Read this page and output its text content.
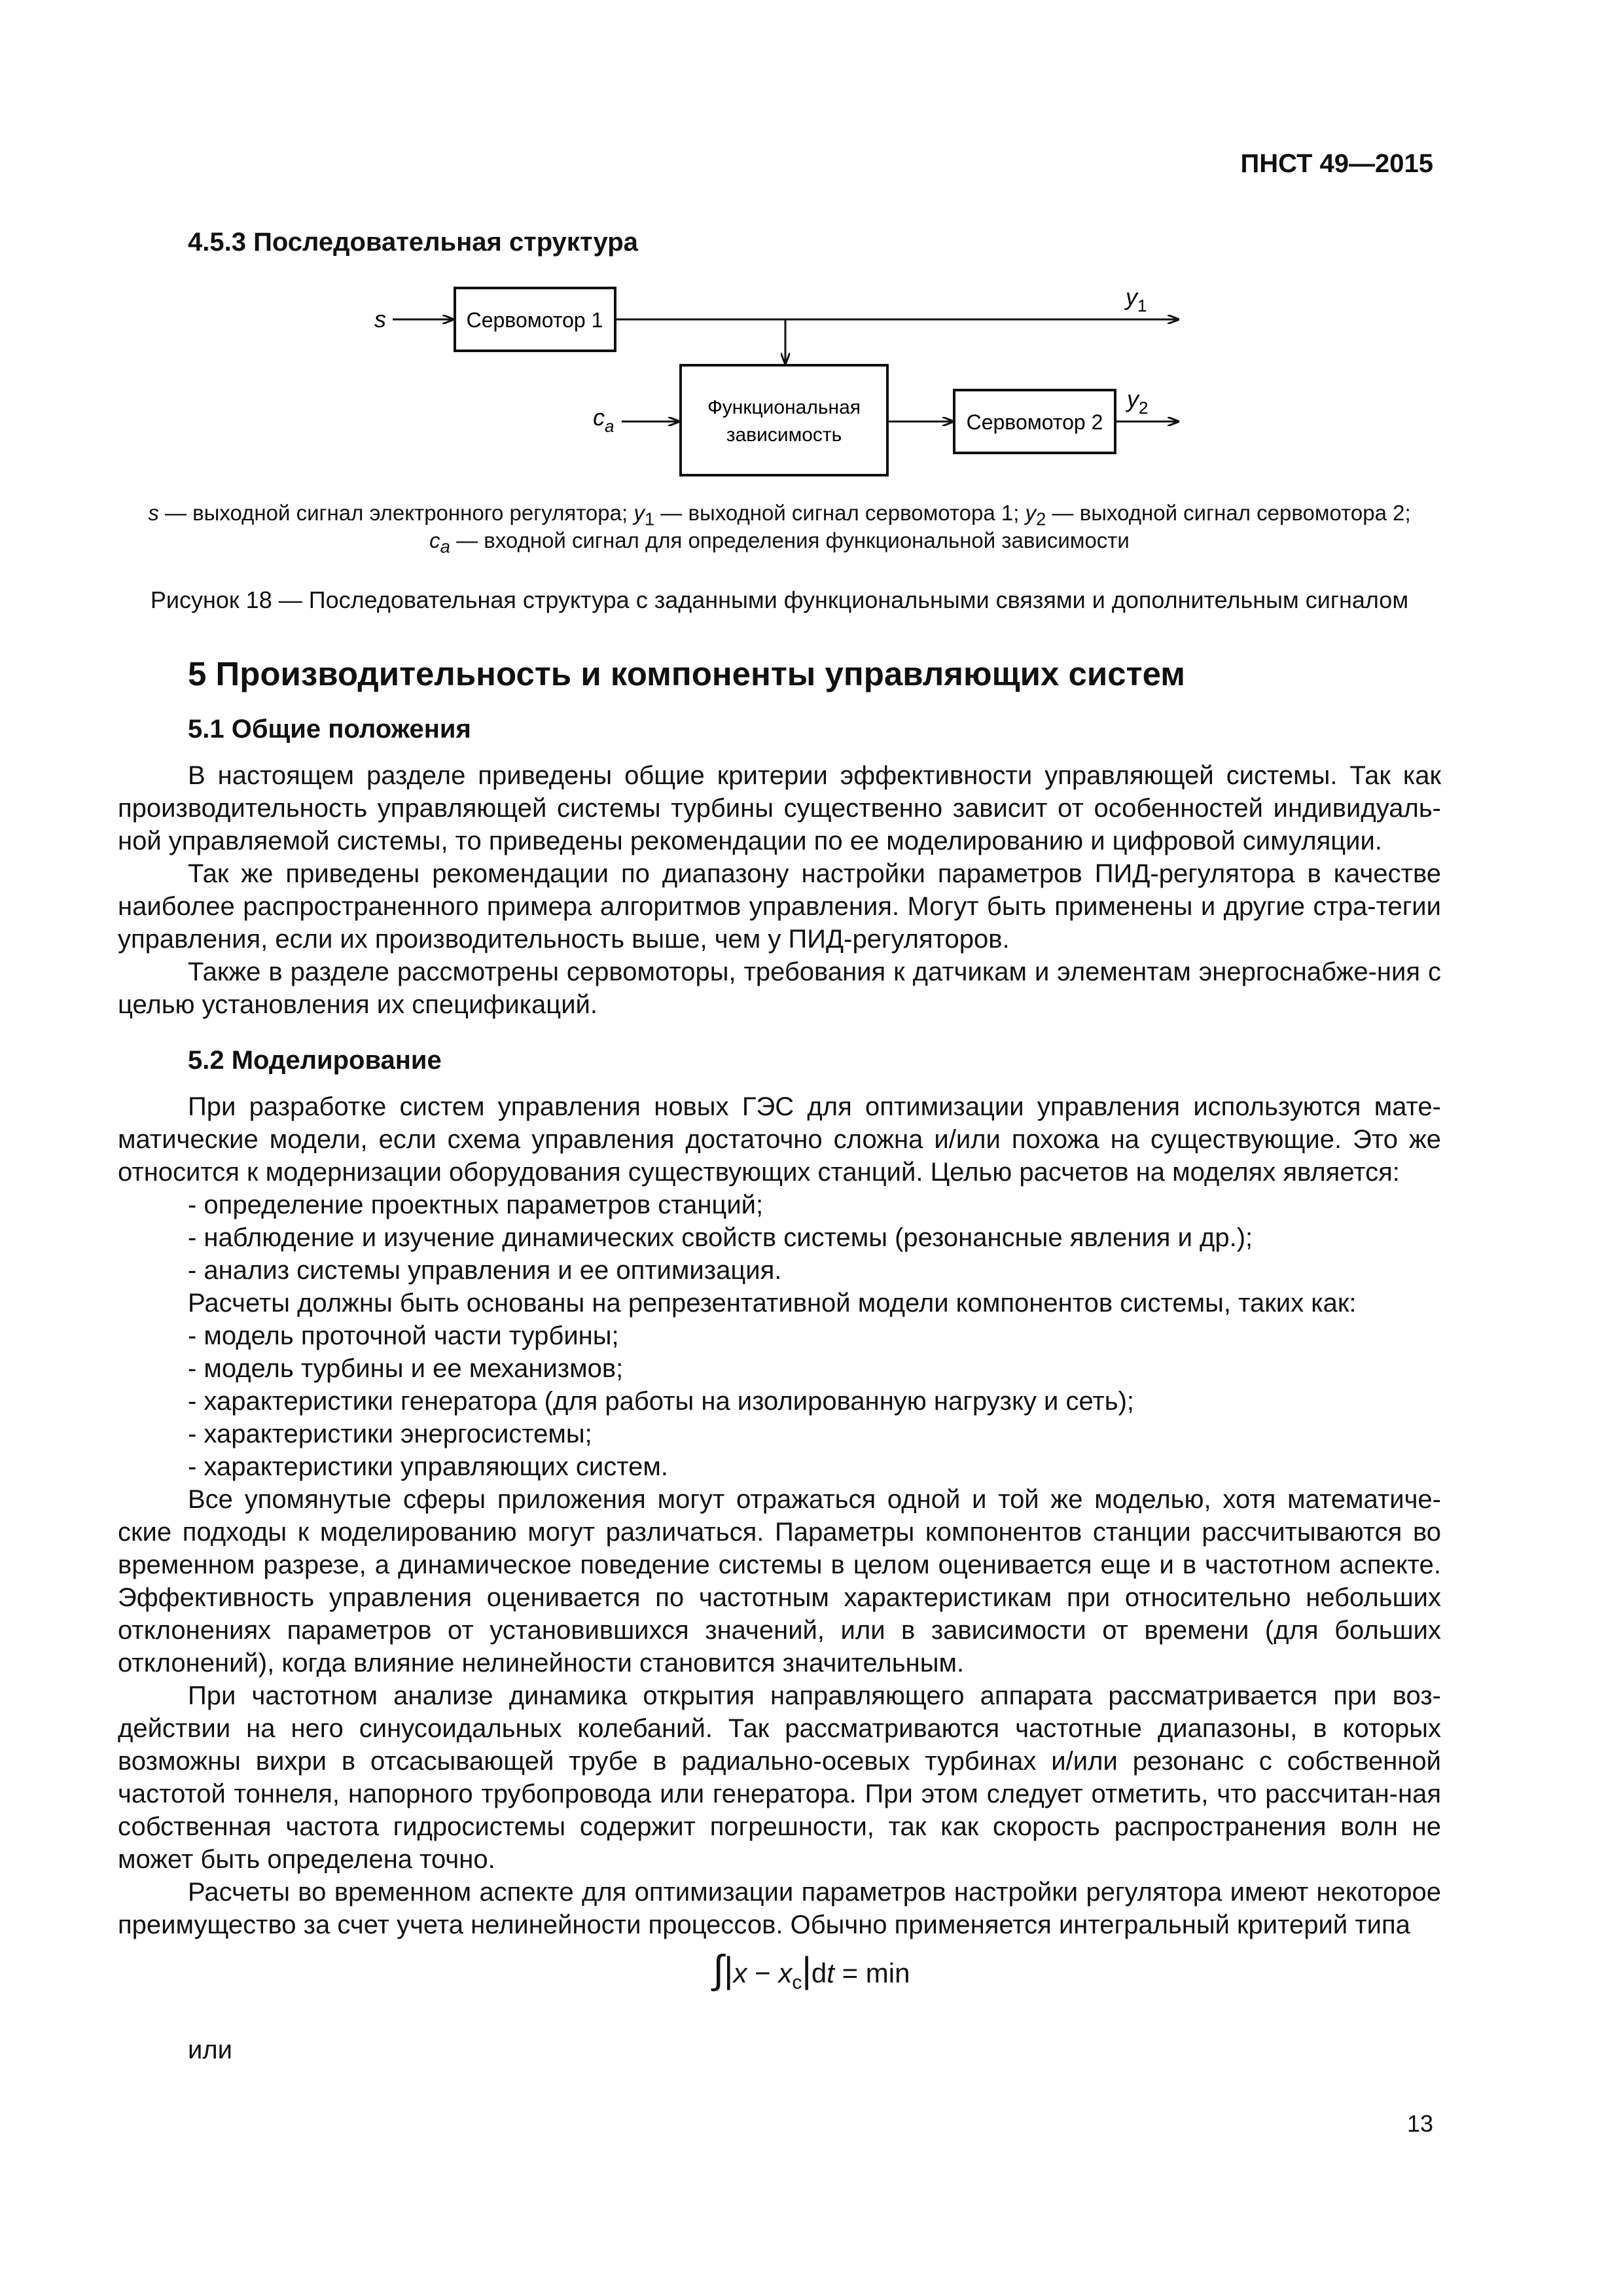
ПНСТ 49—2015
4.5.3 Последовательная структура
s	Сервомотор 1
$y_1$
Функциональная
зависимость
$c_a$	Сервомотор 2
$y_2$
s — выходной сигнал электронного регулятора; $y_1$ — выходной сигнал сервомотора 1; $y_2$ — выходной сигнал сервомотора 2;
$c_a$ — входной сигнал для определения функциональной зависимости
Рисунок 18 — Последовательная структура с заданными функциональными связями и дополнительным сигналом
5 Производительность и компоненты управляющих систем
5.1 Общие положения

В настоящем разделе приведены общие критерии эффективности управляющей системы. Так как производительность управляющей системы турбины существенно зависит от особенностей индивидуаль-ной управляемой системы, то приведены рекомендации по ее моделированию и цифровой симуляции.

Так же приведены рекомендации по диапазону настройки параметров ПИД-регулятора в качестве наиболее распространенного примера алгоритмов управления. Могут быть применены и другие стра-тегии управления, если их производительность выше, чем у ПИД-регуляторов.

Также в разделе рассмотрены сервомоторы, требования к датчикам и элементам энергоснабже-ния с целью установления их спецификаций.

5.2 Моделирование

При разработке систем управления новых ГЭС для оптимизации управления используются мате-матические модели, если схема управления достаточно сложна и/или похожа на существующие. Это же относится к модернизации оборудования существующих станций. Целью расчетов на моделях является:

- определение проектных параметров станций;

- наблюдение и изучение динамических свойств системы (резонансные явления и др.);

- анализ системы управления и ее оптимизация.

Расчеты должны быть основаны на репрезентативной модели компонентов системы, таких как:

- модель проточной части турбины;

- модель турбины и ее механизмов;

- характеристики генератора (для работы на изолированную нагрузку и сеть);

- характеристики энергосистемы;

- характеристики управляющих систем.

Все упомянутые сферы приложения могут отражаться одной и той же моделью, хотя математиче-ские подходы к моделированию могут различаться. Параметры компонентов станции рассчитываются во временном разрезе, а динамическое поведение системы в целом оценивается еще и в частотном аспекте. Эффективность управления оценивается по частотным характеристикам при относительно небольших отклонениях параметров от установившихся значений, или в зависимости от времени (для больших отклонений), когда влияние нелинейности становится значительным.

При частотном анализе динамика открытия направляющего аппарата рассматривается при воз-действии на него синусоидальных колебаний. Так рассматриваются частотные диапазоны, в которых возможны вихри в отсасывающей трубе в радиально-осевых турбинах и/или резонанс с собственной частотой тоннеля, напорного трубопровода или генератора. При этом следует отметить, что рассчитан-ная собственная частота гидросистемы содержит погрешности, так как скорость распространения волн не может быть определена точно.

Расчеты во временном аспекте для оптимизации параметров настройки регулятора имеют некоторое преимущество за счет учета нелинейности процессов. Обычно применяется интегральный критерий типа

$\int|x - x_c|dt = \min$
или
13
